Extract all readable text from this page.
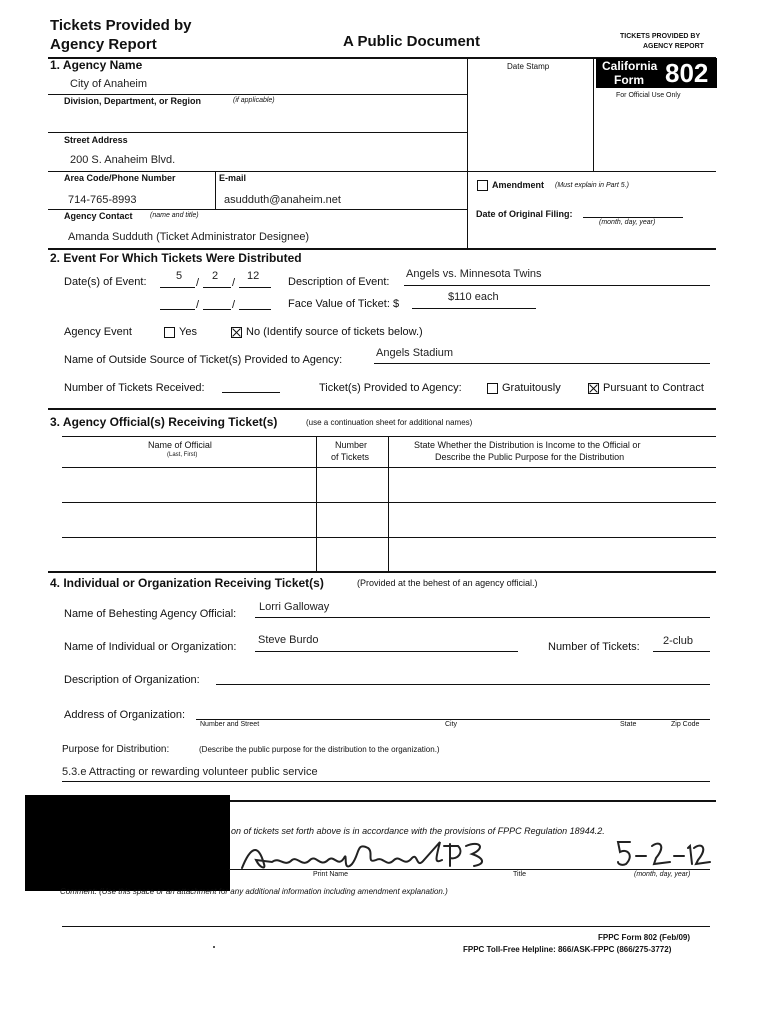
Tickets Provided by
Agency Report	A Public Document	TICKETS PROVIDED BY
AGENCY REPORT
California
Form 802
For Official Use Only
Date Stamp
1. Agency Name
City of Anaheim
Division, Department, or Region	(if applicable)
Street Address
200 S. Anaheim Blvd.
Area Code/Phone Number	E-mail
714-765-8993	asudduth@anaheim.net
Agency Contact (name and title)
Amanda Sudduth (Ticket Administrator Designee)
Amendment (Must explain in Part 5.)
Date of Original Filing:
(month, day, year)
2. Event For Which Tickets Were Distributed
Date(s) of Event:	5
/
2
/
12	Description of Event:
Angels vs. Minnesota Twins
/	/	Face Value of Ticket: $
$110 each
Agency Event	Yes	No (Identify source of tickets below.)
Name of Outside Source of Ticket(s) Provided to Agency:
Angels Stadium
Number of Tickets Received:	Ticket(s) Provided to Agency:	Gratuitously	Pursuant to Contract
3. Agency Official(s) Receiving Ticket(s)	(use a continuation sheet for additional names)
Name of Official
(Last, First)
Number
of Tickets
State Whether the Distribution is Income to the Official or
Describe the Public Purpose for the Distribution
4. Individual or Organization Receiving Ticket(s)	(Provided at the behest of an agency official.)
Name of Behesting Agency Official:
Lorri Galloway
Name of Individual or Organization:
Steve Burdo
Number of Tickets: 2-club
Description of Organization:
Address of Organization:
Number and Street	City	State	Zip Code
Purpose for Distribution:	(Describe the public purpose for the distribution to the organization.)
5.3.e Attracting or rewarding volunteer public service
on of tickets set forth above is in accordance with the provisions of FPPC Regulation 18944.2.
Print Name	Title	(month, day, year)
Comment: (Use this space or an attachment for any additional information including amendment explanation.)
FPPC Form 802 (Feb/09)
FPPC Toll-Free Helpline: 866/ASK-FPPC (866/275-3772)
